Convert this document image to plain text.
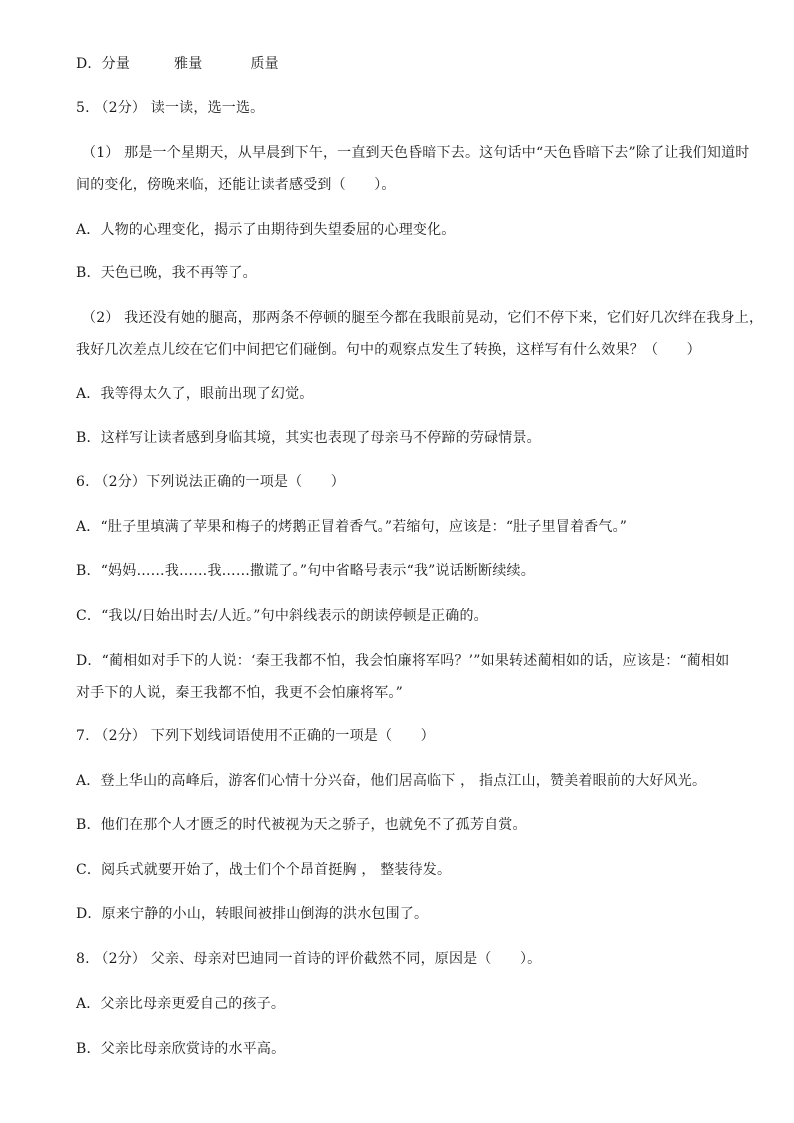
D．分量	雅量	质量
5. （2分） 读一读，选一选。
（1） 那是一个星期天，从早晨到下午，一直到天色昏暗下去。这句话中“天色昏暗下去”除了让我们知道时
间的变化，傍晚来临，还能让读者感受到（　　）。
A．人物的心理变化，揭示了由期待到失望委屈的心理变化。
B．天色已晚，我不再等了。
（2） 我还没有她的腿高，那两条不停顿的腿至今都在我眼前晃动，它们不停下来，它们好几次绊在我身上，
我好几次差点儿绞在它们中间把它们碰倒。句中的观察点发生了转换，这样写有什么效果？（　　）
A．我等得太久了，眼前出现了幻觉。
B．这样写让读者感到身临其境，其实也表现了母亲马不停蹄的劳碌情景。
6. （2分）下列说法正确的一项是（　　）
A．“肚子里填满了苹果和梅子的烤鹅正冒着香气。”若缩句，应该是：“肚子里冒着香气。”
B．“妈妈……我……我……撒谎了。”句中省略号表示“我”说话断断续续。
C．“我以/日始出时去/人近。”句中斜线表示的朗读停顿是正确的。
D．“蔺相如对手下的人说：‘秦王我都不怕，我会怕廉将军吗？’”如果转述蔺相如的话，应该是：“蔺相如
对手下的人说，秦王我都不怕，我更不会怕廉将军。”
7. （2分） 下列下划线词语使用不正确的一项是（　　）
A．登上华山的高峰后，游客们心情十分兴奋，他们居高临下 ， 指点江山，赞美着眼前的大好风光。
B．他们在那个人才匮乏的时代被视为天之骄子，也就免不了孤芳自赏。
C．阅兵式就要开始了，战士们个个昂首挺胸 ， 整装待发。
D．原来宁静的小山，转眼间被排山倒海的洪水包围了。
8. （2分） 父亲、母亲对巴迪同一首诗的评价截然不同，原因是（　　）。
A．父亲比母亲更爱自己的孩子。
B．父亲比母亲欣赏诗的水平高。
